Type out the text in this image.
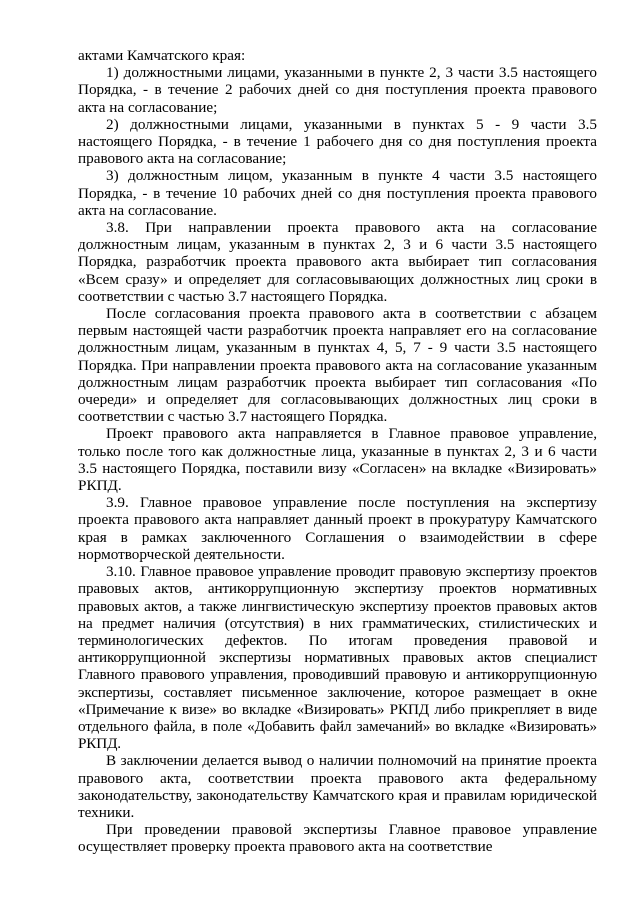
актами Камчатского края:

1) должностными лицами, указанными в пункте 2, 3 части 3.5 настоящего Порядка, - в течение 2 рабочих дней со дня поступления проекта правового акта на согласование;

2) должностными лицами, указанными в пунктах 5 - 9 части 3.5 настоящего Порядка, - в течение 1 рабочего дня со дня поступления проекта правового акта на согласование;

3) должностным лицом, указанным в пункте 4 части 3.5 настоящего Порядка, - в течение 10 рабочих дней со дня поступления проекта правового акта на согласование.

3.8. При направлении проекта правового акта на согласование должностным лицам, указанным в пунктах 2, 3 и 6 части 3.5 настоящего Порядка, разработчик проекта правового акта выбирает тип согласования «Всем сразу» и определяет для согласовывающих должностных лиц сроки в соответствии с частью 3.7 настоящего Порядка.

После согласования проекта правового акта в соответствии с абзацем первым настоящей части разработчик проекта направляет его на согласование должностным лицам, указанным в пунктах 4, 5, 7 - 9 части 3.5 настоящего Порядка. При направлении проекта правового акта на согласование указанным должностным лицам разработчик проекта выбирает тип согласования «По очереди» и определяет для согласовывающих должностных лиц сроки в соответствии с частью 3.7 настоящего Порядка.

Проект правового акта направляется в Главное правовое управление, только после того как должностные лица, указанные в пунктах 2, 3 и 6 части 3.5 настоящего Порядка, поставили визу «Согласен» на вкладке «Визировать» РКПД.

3.9. Главное правовое управление после поступления на экспертизу проекта правового акта направляет данный проект в прокуратуру Камчатского края в рамках заключенного Соглашения о взаимодействии в сфере нормотворческой деятельности.

3.10. Главное правовое управление проводит правовую экспертизу проектов правовых актов, антикоррупционную экспертизу проектов нормативных правовых актов, а также лингвистическую экспертизу проектов правовых актов на предмет наличия (отсутствия) в них грамматических, стилистических и терминологических дефектов. По итогам проведения правовой и антикоррупционной экспертизы нормативных правовых актов специалист Главного правового управления, проводивший правовую и антикоррупционную экспертизы, составляет письменное заключение, которое размещает в окне «Примечание к визе» во вкладке «Визировать» РКПД либо прикрепляет в виде отдельного файла, в поле «Добавить файл замечаний» во вкладке «Визировать» РКПД.

В заключении делается вывод о наличии полномочий на принятие проекта правового акта, соответствии проекта правового акта федеральному законодательству, законодательству Камчатского края и правилам юридической техники.

При проведении правовой экспертизы Главное правовое управление осуществляет проверку проекта правового акта на соответствие
